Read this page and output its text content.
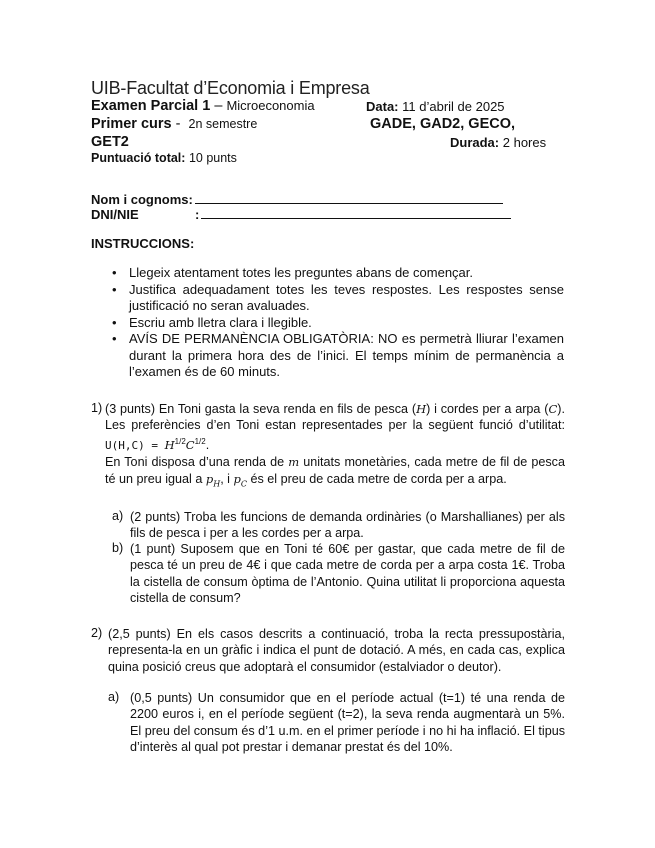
UIB-Facultat d’Economia i Empresa
Examen Parcial 1 – Microeconomia	Data: 11 d’abril de 2025
Primer curs - 2n semestre	GADE, GAD2, GECO,
GET2	Durada: 2 hores
Puntuació total: 10 punts
Nom i cognoms:
DNI/NIE	:
INSTRUCCIONS:
• Llegeix atentament totes les preguntes abans de començar.
• Justifica adequadament totes les teves respostes. Les respostes sense justificació no seran avaluades.
• Escriu amb lletra clara i llegible.
• AVÍS DE PERMANÈNCIA OBLIGATÒRIA: NO es permetrà lliurar l’examen durant la primera hora des de l’inici. El temps mínim de permanència a l’examen és de 60 minuts.
1) (3 punts) En Toni gasta la seva renda en fils de pesca (H) i cordes per a arpa (C). Les preferències d’en Toni estan representades per la següent funció d’utilitat: $U(H,C) = H^{1/2}C^{1/2}$.
En Toni disposa d’una renda de m unitats monetàries, cada metre de fil de pesca té un preu igual a $p_H$, i $p_C$ és el preu de cada metre de corda per a arpa.
a) (2 punts) Troba les funcions de demanda ordinàries (o Marshallianes) per als fils de pesca i per a les cordes per a arpa.
b) (1 punt) Suposem que en Toni té 60€ per gastar, que cada metre de fil de pesca té un preu de 4€ i que cada metre de corda per a arpa costa 1€. Troba la cistella de consum òptima de l’Antonio. Quina utilitat li proporciona aquesta cistella de consum?
2) (2,5 punts) En els casos descrits a continuació, troba la recta pressupostària, representa-la en un gràfic i indica el punt de dotació. A més, en cada cas, explica quina posició creus que adoptarà el consumidor (estalviador o deutor).
a) (0,5 punts) Un consumidor que en el període actual (t=1) té una renda de 2200 euros i, en el període següent (t=2), la seva renda augmentarà un 5%. El preu del consum és d’1 u.m. en el primer període i no hi ha inflació. El tipus d’interès al qual pot prestar i demanar prestat és del 10%.
